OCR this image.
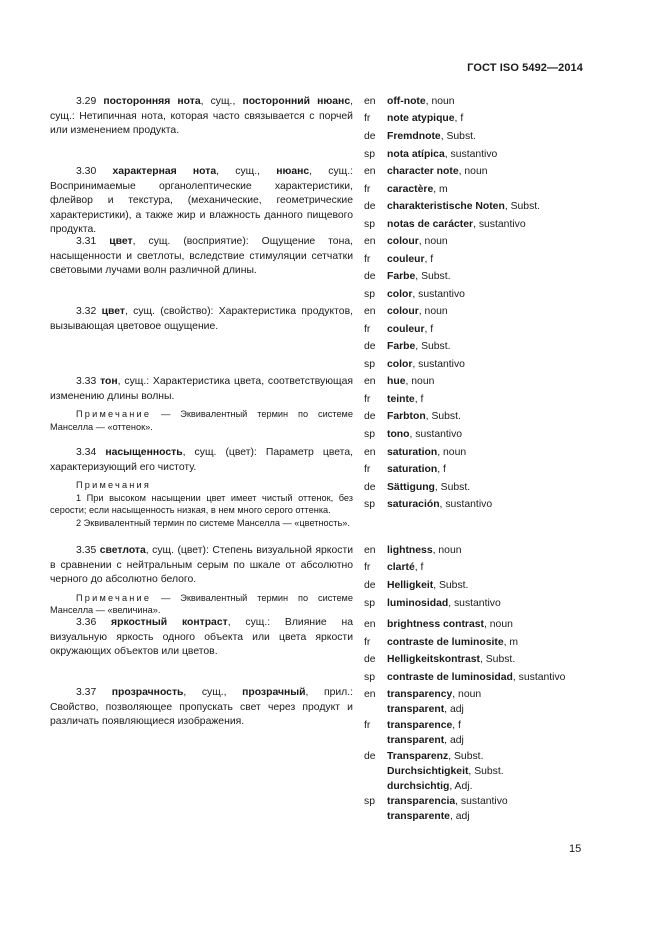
ГОСТ ISO 5492—2014
3.29 посторонняя нота, сущ., посторонний нюанс, сущ.: Нетипичная нота, которая часто связывается с порчей или изменением продукта.
3.30 характерная нота, сущ., нюанс, сущ.: Воспринимаемые органолептические характеристики, флейвор и текстура, (механические, геометрические характеристики), а также жир и влажность данного пищевого продукта.
3.31 цвет, сущ. (восприятие): Ощущение тона, насыщенности и светлоты, вследствие стимуляции сетчатки световыми лучами волн различной длины.
3.32 цвет, сущ. (свойство): Характеристика продуктов, вызывающая цветовое ощущение.
3.33 тон, сущ.: Характеристика цвета, соответствующая изменению длины волны.
Примечание — Эквивалентный термин по системе Манселла — «оттенок».
3.34 насыщенность, сущ. (цвет): Параметр цвета, характеризующий его чистоту.
Примечания
1 При высоком насыщении цвет имеет чистый оттенок, без серости; если насыщенность низкая, в нем много серого оттенка.
2 Эквивалентный термин по системе Манселла — «цветность».
3.35 светлота, сущ. (цвет): Степень визуальной яркости в сравнении с нейтральным серым по шкале от абсолютно черного до абсолютно белого.
Примечание — Эквивалентный термин по системе Манселла — «величина».
3.36 яркостный контраст, сущ.: Влияние на визуальную яркость одного объекта или цвета яркости окружающих объектов или цветов.
3.37 прозрачность, сущ., прозрачный, прил.: Свойство, позволяющее пропускать свет через продукт и различать появляющиеся изображения.
en off-note, noun
fr note atypique, f
de Fremdnote, Subst.
sp nota atípica, sustantivo
en character note, noun
fr caractère, m
de charakteristische Noten, Subst.
sp notas de carácter, sustantivo
en colour, noun
fr couleur, f
de Farbe, Subst.
sp color, sustantivo
en colour, noun
fr couleur, f
de Farbe, Subst.
sp color, sustantivo
en hue, noun
fr teinte, f
de Farbton, Subst.
sp tono, sustantivo
en saturation, noun
fr saturation, f
de Sättigung, Subst.
sp saturación, sustantivo
en lightness, noun
fr clarté, f
de Helligkeit, Subst.
sp luminosidad, sustantivo
en brightness contrast, noun
fr contraste de luminosite, m
de Helligkeitskontrast, Subst.
sp contraste de luminosidad, sustantivo
en transparency, noun
transparent, adj
fr transparence, f
transparent, adj
de Transparenz, Subst.
Durchsichtigkeit, Subst.
durchsichtig, Adj.
sp transparencia, sustantivo
transparente, adj
15
